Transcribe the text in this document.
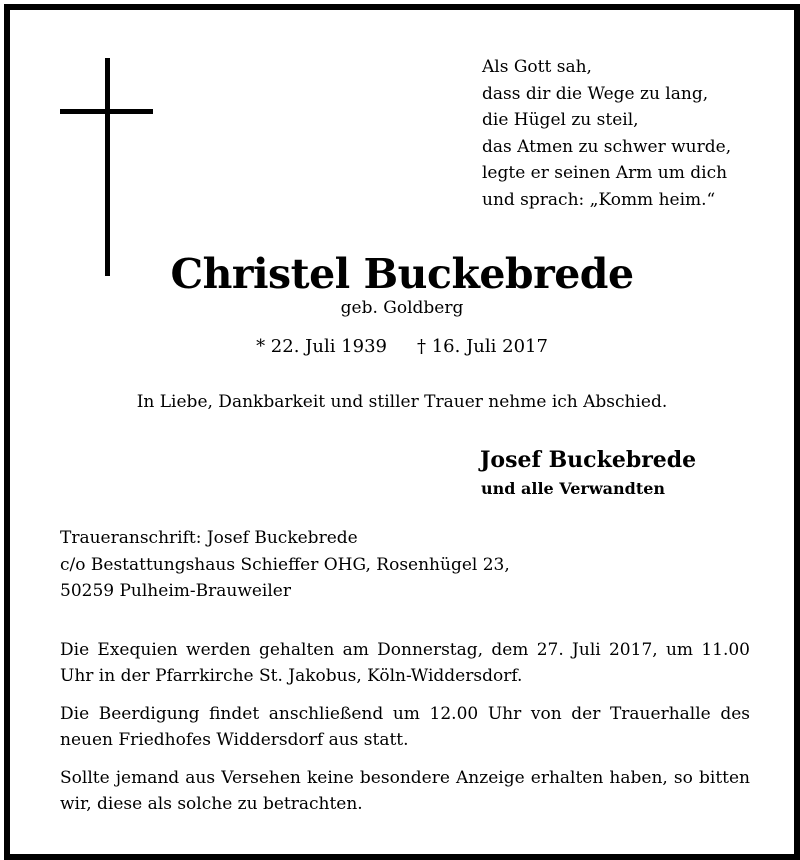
Als Gott sah,
dass dir die Wege zu lang,
die Hügel zu steil,
das Atmen zu schwer wurde,
legte er seinen Arm um dich
und sprach: „Komm heim.“
Christel Buckebrede
geb. Goldberg
* 22. Juli 1939 † 16. Juli 2017
In Liebe, Dankbarkeit und stiller Trauer nehme ich Abschied.
Josef Buckebrede
und alle Verwandten
Traueranschrift: Josef Buckebrede
c/o Bestattungshaus Schieffer OHG, Rosenhügel 23,
50259 Pulheim-Brauweiler
Die Exequien werden gehalten am Donnerstag, dem 27. Juli 2017, um 11.00 Uhr in der Pfarrkirche St. Jakobus, Köln-Widdersdorf.
Die Beerdigung findet anschließend um 12.00 Uhr von der Trauerhalle des neuen Friedhofes Widdersdorf aus statt.
Sollte jemand aus Versehen keine besondere Anzeige erhalten haben, so bitten wir, diese als solche zu betrachten.
